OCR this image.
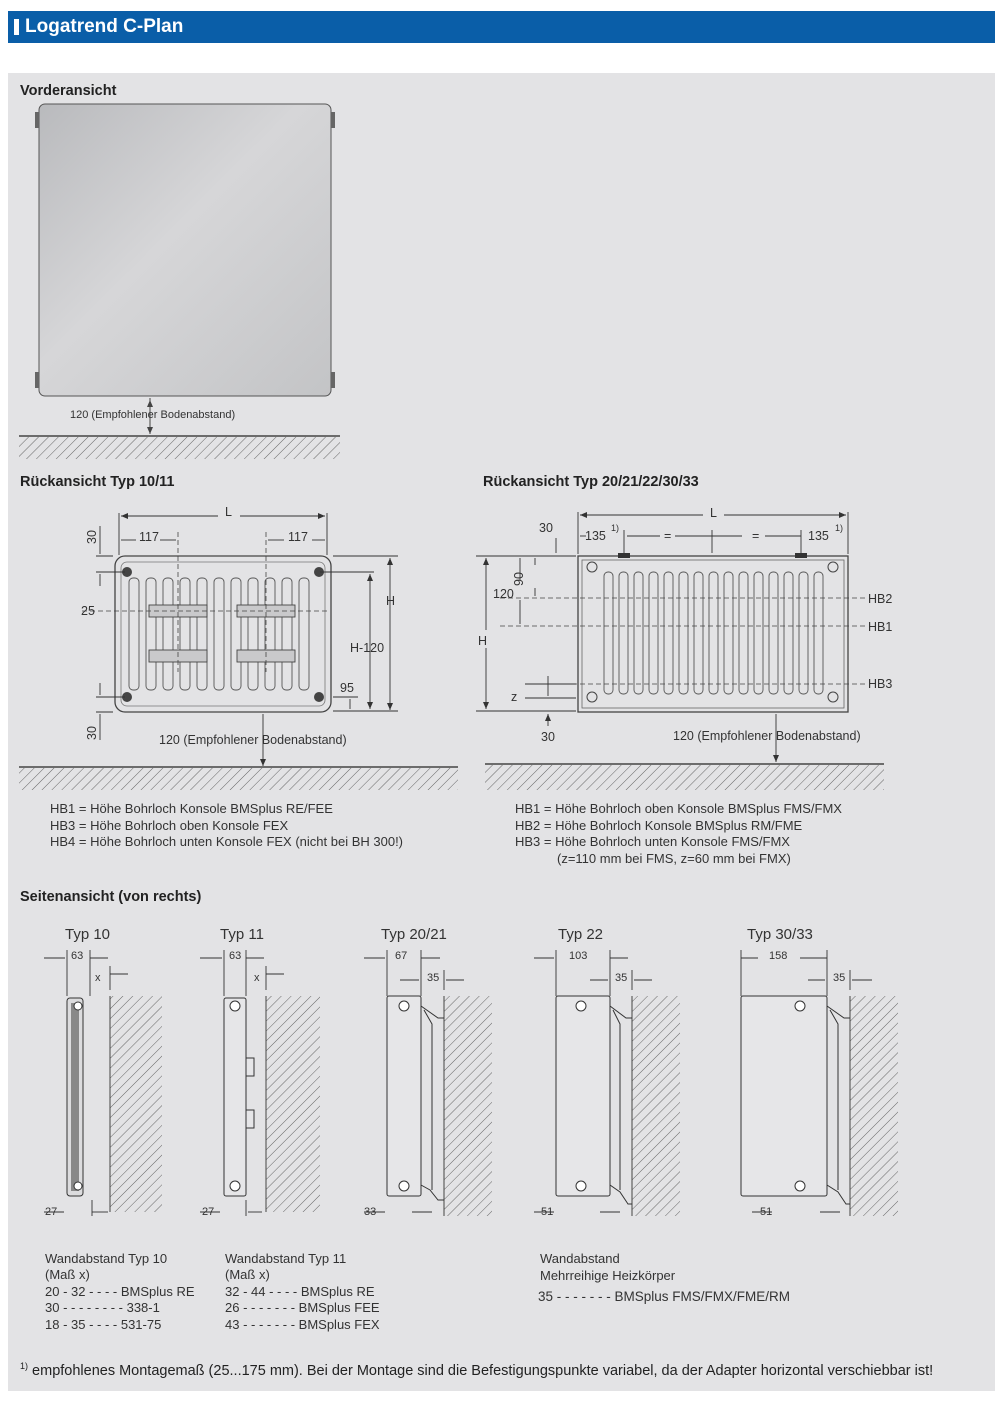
Logatrend C-Plan
Vorderansicht
120 (Empfohlener Bodenabstand)
Rückansicht Typ 10/11
L
117	117
30
25
H
H-120
95
30	120 (Empfohlener Bodenabstand)
Rückansicht Typ 20/21/22/30/33
L
30
135
1)
=	=	135
1)
120
90
H
z
30
HB2
HB1
HB3
120 (Empfohlener Bodenabstand)
HB1 = Höhe Bohrloch Konsole BMSplus RE/FEE
HB3 = Höhe Bohrloch oben Konsole FEX
HB4 = Höhe Bohrloch unten Konsole FEX (nicht bei BH 300!)
HB1 = Höhe Bohrloch oben Konsole BMSplus FMS/FMX
HB2 = Höhe Bohrloch Konsole BMSplus RM/FME
HB3 = Höhe Bohrloch unten Konsole FMS/FMX
(z=110 mm bei FMS, z=60 mm bei FMX)
Seitenansicht (von rechts)
Typ 10	Typ 11	Typ 20/21	Typ 22	Typ 30/33
63
x
27
63
x
27
67
35
33
103
35
51
158
35
51
Wandabstand Typ 10
(Maß x)
20 - 32 - - - - BMSplus RE
30 - - - - - - - - 338-1
18 - 35 - - - - 531-75
Wandabstand Typ 11
(Maß x)
32 - 44 - - - - BMSplus RE
26 - - - - - - - BMSplus FEE
43 - - - - - - - BMSplus FEX
Wandabstand
Mehrreihige Heizkörper
35 - - - - - - - BMSplus FMS/FMX/FME/RM
$^{1)}$ empfohlenes Montagemaß (25...175 mm). Bei der Montage sind die Befestigungspunkte variabel, da der Adapter horizontal verschiebbar ist!
